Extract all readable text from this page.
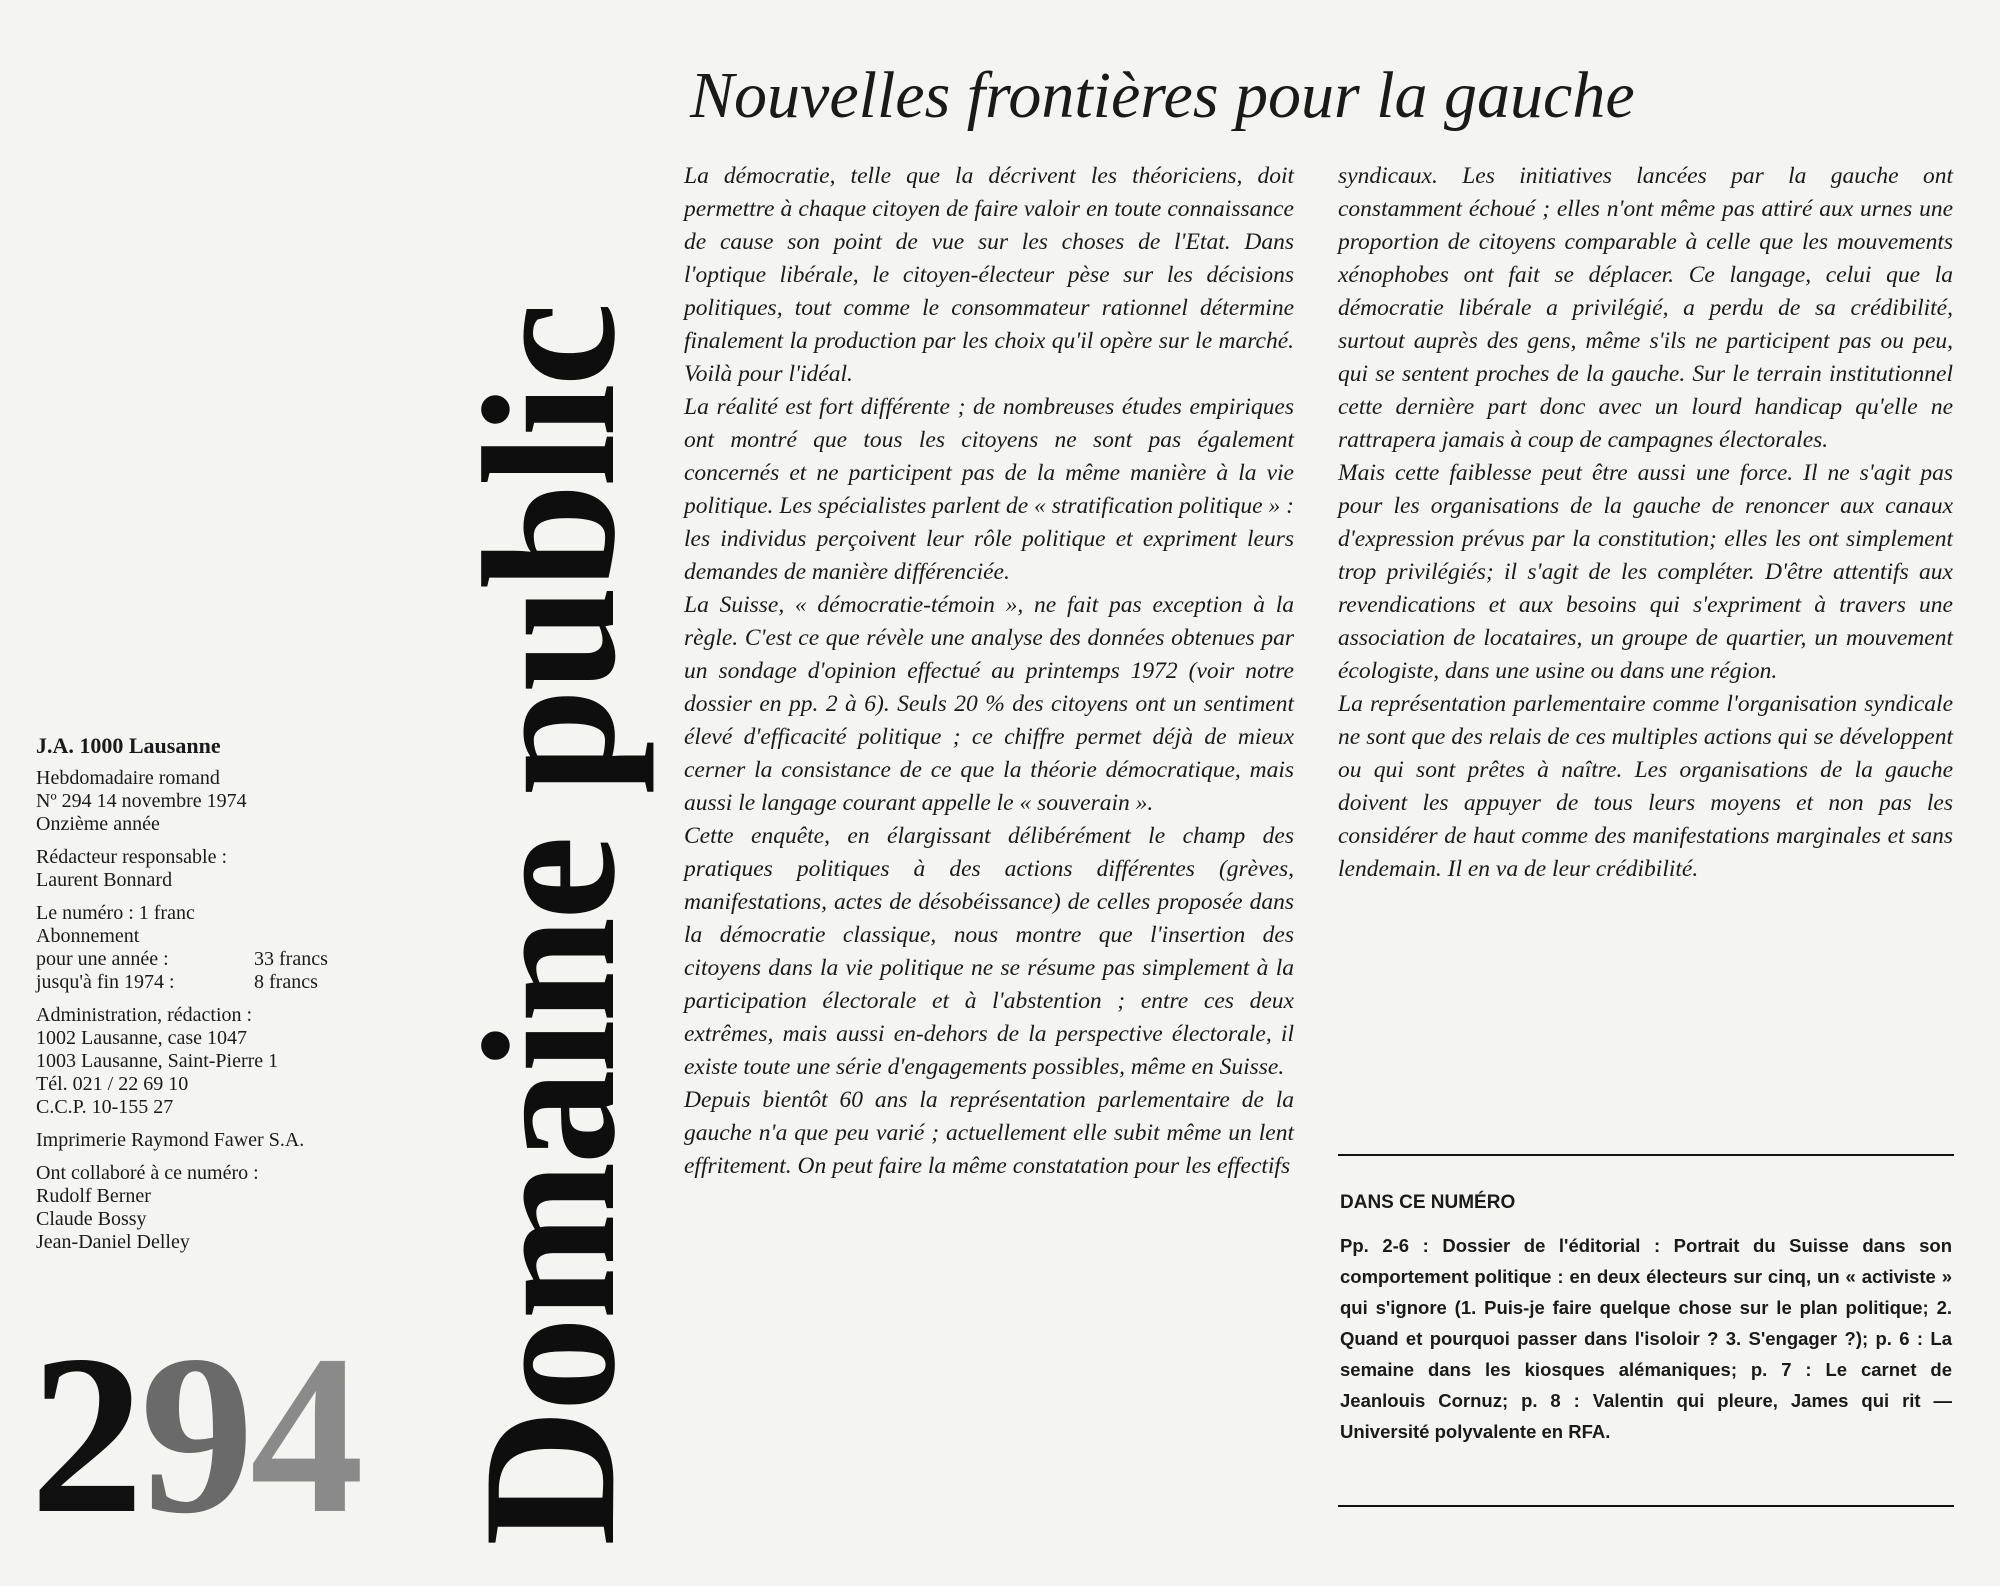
J.A. 1000 Lausanne

Hebdomadaire romand
Nº 294 14 novembre 1974
Onzième année

Rédacteur responsable :
Laurent Bonnard

Le numéro : 1 franc
Abonnement
pour une année :	33 francs
jusqu'à fin 1974 :	8 francs

Administration, rédaction :
1002 Lausanne, case 1047
1003 Lausanne, Saint-Pierre 1
Tél. 021 / 22 69 10
C.C.P. 10-155 27

Imprimerie Raymond Fawer S.A.

Ont collaboré à ce numéro :
Rudolf Berner
Claude Bossy
Jean-Daniel Delley

294 Domaine public
Nouvelles frontières pour la gauche

La démocratie, telle que la décrivent les théoriciens, doit permettre à chaque citoyen de faire valoir en toute connaissance de cause son point de vue sur les choses de l'Etat. Dans l'optique libérale, le citoyen-électeur pèse sur les décisions politiques, tout comme le consommateur rationnel détermine finalement la production par les choix qu'il opère sur le marché. Voilà pour l'idéal.

La réalité est fort différente ; de nombreuses études empiriques ont montré que tous les citoyens ne sont pas également concernés et ne participent pas de la même manière à la vie politique. Les spécialistes parlent de « stratification politique » : les individus perçoivent leur rôle politique et expriment leurs demandes de manière différenciée.

La Suisse, « démocratie-témoin », ne fait pas exception à la règle. C'est ce que révèle une analyse des données obtenues par un sondage d'opinion effectué au printemps 1972 (voir notre dossier en pp. 2 à 6). Seuls 20 % des citoyens ont un sentiment élevé d'efficacité politique ; ce chiffre permet déjà de mieux cerner la consistance de ce que la théorie démocratique, mais aussi le langage courant appelle le « souverain ».

Cette enquête, en élargissant délibérément le champ des pratiques politiques à des actions différentes (grèves, manifestations, actes de désobéissance) de celles proposée dans la démocratie classique, nous montre que l'insertion des citoyens dans la vie politique ne se résume pas simplement à la participation électorale et à l'abstention ; entre ces deux extrêmes, mais aussi en-dehors de la perspective électorale, il existe toute une série d'engagements possibles, même en Suisse.

Depuis bientôt 60 ans la représentation parlementaire de la gauche n'a que peu varié ; actuellement elle subit même un lent effritement. On peut faire la même constatation pour les effectifs

syndicaux. Les initiatives lancées par la gauche ont constamment échoué ; elles n'ont même pas attiré aux urnes une proportion de citoyens comparable à celle que les mouvements xénophobes ont fait se déplacer. Ce langage, celui que la démocratie libérale a privilégié, a perdu de sa crédibilité, surtout auprès des gens, même s'ils ne participent pas ou peu, qui se sentent proches de la gauche. Sur le terrain institutionnel cette dernière part donc avec un lourd handicap qu'elle ne rattrapera jamais à coup de campagnes électorales.

Mais cette faiblesse peut être aussi une force. Il ne s'agit pas pour les organisations de la gauche de renoncer aux canaux d'expression prévus par la constitution; elles les ont simplement trop privilégiés; il s'agit de les compléter. D'être attentifs aux revendications et aux besoins qui s'expriment à travers une association de locataires, un groupe de quartier, un mouvement écologiste, dans une usine ou dans une région.

La représentation parlementaire comme l'organisation syndicale ne sont que des relais de ces multiples actions qui se développent ou qui sont prêtes à naître. Les organisations de la gauche doivent les appuyer de tous leurs moyens et non pas les considérer de haut comme des manifestations marginales et sans lendemain. Il en va de leur crédibilité.

DANS CE NUMÉRO
Pp. 2-6 : Dossier de l'éditorial : Portrait du Suisse dans son comportement politique : en deux électeurs sur cinq, un « activiste » qui s'ignore (1. Puis-je faire quelque chose sur le plan politique; 2. Quand et pourquoi passer dans l'isoloir ? 3. S'engager ?); p. 6 : La semaine dans les kiosques alémaniques; p. 7 : Le carnet de Jeanlouis Cornuz; p. 8 : Valentin qui pleure, James qui rit — Université polyvalente en RFA.
